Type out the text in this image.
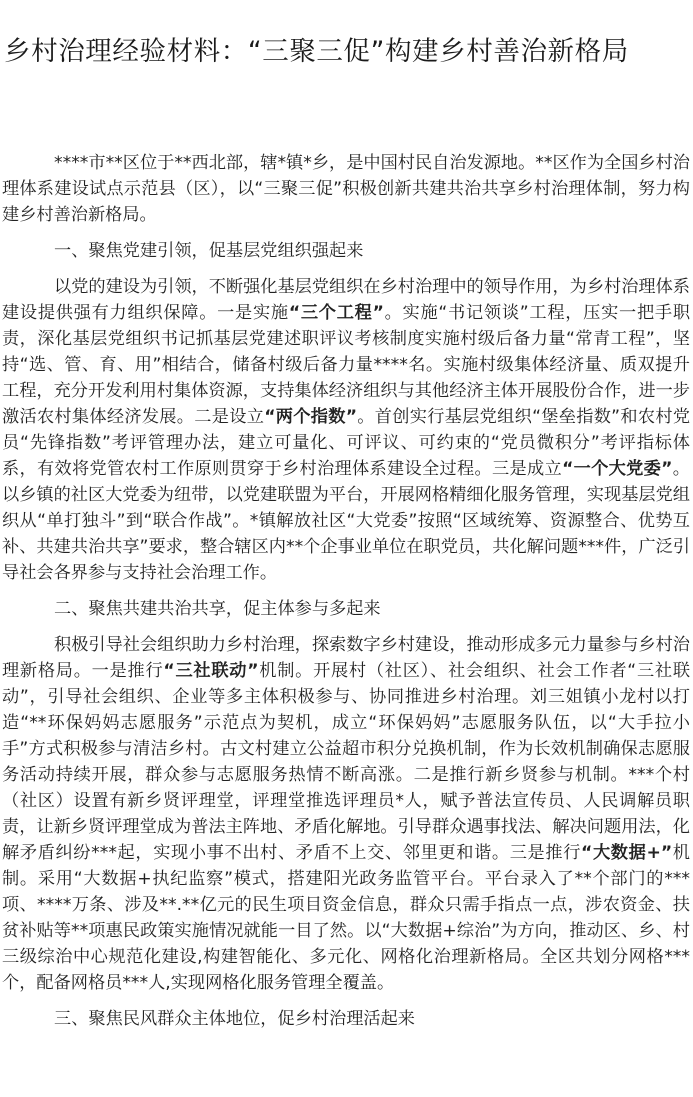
乡村治理经验材料：“三聚三促”构建乡村善治新格局

****市**区位于**西北部，辖*镇*乡，是中国村民自治发源地。**区作为全国乡村治理体系建设试点示范县（区），以“三聚三促”积极创新共建共治共享乡村治理体制，努力构建乡村善治新格局。

一、聚焦党建引领，促基层党组织强起来

以党的建设为引领，不断强化基层党组织在乡村治理中的领导作用，为乡村治理体系建设提供强有力组织保障。一是实施“三个工程”。实施“书记领谈”工程，压实一把手职责，深化基层党组织书记抓基层党建述职评议考核制度实施村级后备力量“常青工程”，坚持“选、管、育、用”相结合，储备村级后备力量****名。实施村级集体经济量、质双提升工程，充分开发利用村集体资源，支持集体经济组织与其他经济主体开展股份合作，进一步激活农村集体经济发展。二是设立“两个指数”。首创实行基层党组织“堡垒指数”和农村党员“先锋指数”考评管理办法，建立可量化、可评议、可约束的“党员微积分”考评指标体系，有效将党管农村工作原则贯穿于乡村治理体系建设全过程。三是成立“一个大党委”。以乡镇的社区大党委为纽带，以党建联盟为平台，开展网格精细化服务管理，实现基层党组织从“单打独斗”到“联合作战”。*镇解放社区“大党委”按照“区域统筹、资源整合、优势互补、共建共治共享”要求，整合辖区内**个企事业单位在职党员，共化解问题***件，广泛引导社会各界参与支持社会治理工作。

二、聚焦共建共治共享，促主体参与多起来

积极引导社会组织助力乡村治理，探索数字乡村建设，推动形成多元力量参与乡村治理新格局。一是推行“三社联动”机制。开展村（社区）、社会组织、社会工作者“三社联动”，引导社会组织、企业等多主体积极参与、协同推进乡村治理。刘三姐镇小龙村以打造“**环保妈妈志愿服务”示范点为契机，成立“环保妈妈”志愿服务队伍，以“大手拉小手”方式积极参与清洁乡村。古文村建立公益超市积分兑换机制，作为长效机制确保志愿服务活动持续开展，群众参与志愿服务热情不断高涨。二是推行新乡贤参与机制。***个村（社区）设置有新乡贤评理堂，评理堂推选评理员*人，赋予普法宣传员、人民调解员职责，让新乡贤评理堂成为普法主阵地、矛盾化解地。引导群众遇事找法、解决问题用法，化解矛盾纠纷***起，实现小事不出村、矛盾不上交、邻里更和谐。三是推行“大数据+”机制。采用“大数据+执纪监察”模式，搭建阳光政务监管平台。平台录入了**个部门的***项、****万条、涉及**.**亿元的民生项目资金信息，群众只需手指点一点，涉农资金、扶贫补贴等**项惠民政策实施情况就能一目了然。以“大数据+综治”为方向，推动区、乡、村三级综治中心规范化建设,构建智能化、多元化、网格化治理新格局。全区共划分网格***个，配备网格员***人,实现网格化服务管理全覆盖。

三、聚焦民风群众主体地位，促乡村治理活起来
